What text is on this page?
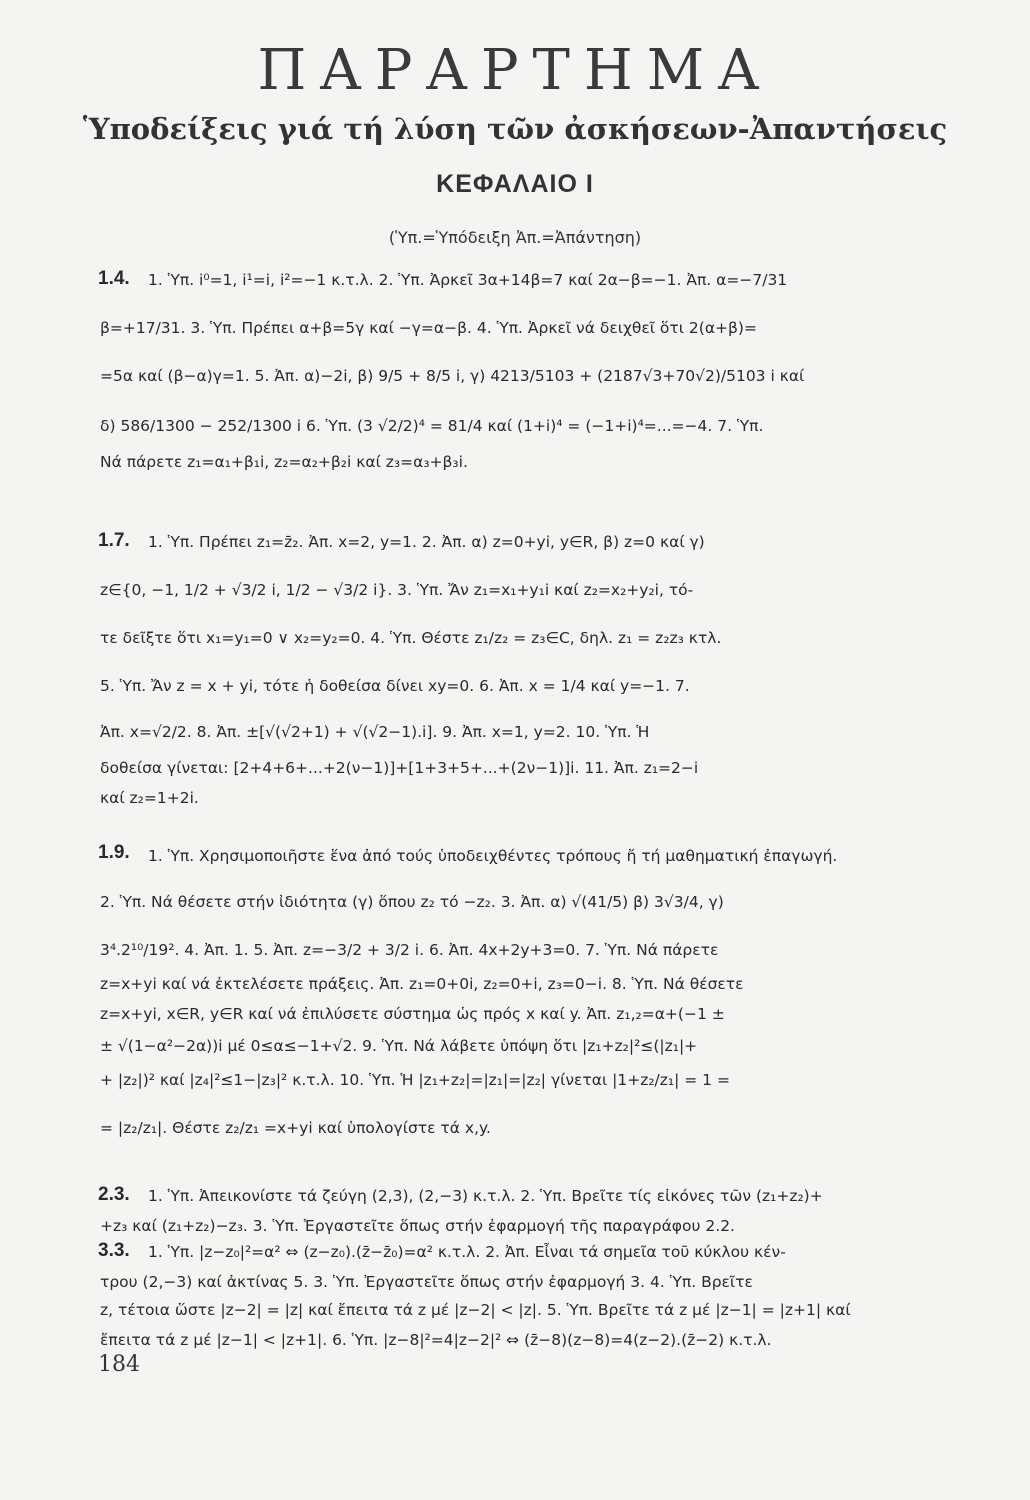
ΠΑΡΑΡΤΗΜΑ
Ὑποδείξεις γιά τή λύση τῶν ἀσκήσεων-Ἀπαντήσεις
ΚΕΦΑΛΑΙΟ Ι
(Ὑπ.=Ὑπόδειξη Ἀπ.=Ἀπάντηση)
1.4. 1. Ὑπ. i⁰=1, i¹=i, i²=−1 κ.τ.λ. 2. Ὑπ. Ἀρκεῖ 3α+14β=7 καί 2α−β=−1. Ἀπ. α=−7/31
β=+17/31. 3. Ὑπ. Πρέπει α+β=5γ καί −γ=α−β. 4. Ὑπ. Ἀρκεῖ νά δειχθεῖ ὅτι 2(α+β)=
=5α καί (β−α)γ=1. 5. Ἀπ. α)−2i, β) 9/5 + 8/5 i, γ) 4213/5103 + (2187√3+70√2)/5103 i καί
δ) 586/1300 − 252/1300 i 6. Ὑπ. (3 √2/2)⁴ = 81/4 καί (1+i)⁴ = (−1+i)⁴=...=−4. 7. Ὑπ.
Νά πάρετε z₁=α₁+β₁i, z₂=α₂+β₂i καί z₃=α₃+β₃i.
1.7. 1. Ὑπ. Πρέπει z₁=z̄₂. Ἀπ. x=2, y=1. 2. Ἀπ. α) z=0+yi, y∈R, β) z=0 καί γ)
z∈{0, −1, 1/2 + √3/2 i, 1/2 − √3/2 i}. 3. Ὑπ. Ἄν z₁=x₁+y₁i καί z₂=x₂+y₂i, τό-
τε δεῖξτε ὅτι x₁=y₁=0 ∨ x₂=y₂=0. 4. Ὑπ. Θέστε z₁/z₂ = z₃∈C, δηλ. z₁ = z₂z₃ κτλ.
5. Ὑπ. Ἄν z = x + yi, τότε ἡ δοθείσα δίνει xy=0. 6. Ἀπ. x = 1/4 καί y=−1. 7.
Ἀπ. x=√2/2. 8. Ἀπ. ±[√(√2+1) + √(√2−1).i]. 9. Ἀπ. x=1, y=2. 10. Ὑπ. Ἡ
δοθείσα γίνεται: [2+4+6+...+2(ν−1)]+[1+3+5+...+(2ν−1)]i. 11. Ἀπ. z₁=2−i
καί z₂=1+2i.
1.9. 1. Ὑπ. Χρησιμοποιῆστε ἕνα ἀπό τούς ὑποδειχθέντες τρόπους ἤ τή μαθηματική ἐπαγωγή.
2. Ὑπ. Νά θέσετε στήν ἰδιότητα (γ) ὅπου z₂ τό −z₂. 3. Ἀπ. α) √(41/5) β) 3√3/4, γ)
3⁴.2¹⁰/19². 4. Ἀπ. 1. 5. Ἀπ. z=−3/2 + 3/2 i. 6. Ἀπ. 4x+2y+3=0. 7. Ὑπ. Νά πάρετε
z=x+yi καί νά ἐκτελέσετε πράξεις. Ἀπ. z₁=0+0i, z₂=0+i, z₃=0−i. 8. Ὑπ. Νά θέσετε
z=x+yi, x∈R, y∈R καί νά ἐπιλύσετε σύστημα ὡς πρός x καί y. Ἀπ. z₁,₂=α+(−1 ±
± √(1−α²−2α))i μέ 0≤α≤−1+√2. 9. Ὑπ. Νά λάβετε ὑπόψη ὅτι |z₁+z₂|²≤(|z₁|+
+ |z₂|)² καί |z₄|²≤1−|z₃|² κ.τ.λ. 10. Ὑπ. Ἡ |z₁+z₂|=|z₁|=|z₂| γίνεται |1+z₂/z₁| = 1 =
= |z₂/z₁|. Θέστε z₂/z₁ =x+yi καί ὑπολογίστε τά x,y.
2.3. 1. Ὑπ. Ἀπεικονίστε τά ζεύγη (2,3), (2,−3) κ.τ.λ. 2. Ὑπ. Βρεῖτε τίς εἰκόνες τῶν (z₁+z₂)+
+z₃ καί (z₁+z₂)−z₃. 3. Ὑπ. Ἐργαστεῖτε ὅπως στήν ἐφαρμογή τῆς παραγράφου 2.2.
3.3. 1. Ὑπ. |z−z₀|²=α² ⇔ (z−z₀).(z̄−z̄₀)=α² κ.τ.λ. 2. Ἀπ. Εἶναι τά σημεῖα τοῦ κύκλου κέν-
τρου (2,−3) καί ἀκτίνας 5. 3. Ὑπ. Ἐργαστεῖτε ὅπως στήν ἐφαρμογή 3. 4. Ὑπ. Βρεῖτε
z, τέτοια ὥστε |z−2| = |z| καί ἔπειτα τά z μέ |z−2| < |z|. 5. Ὑπ. Βρεῖτε τά z μέ |z−1| = |z+1| καί
ἔπειτα τά z μέ |z−1| < |z+1|. 6. Ὑπ. |z−8|²=4|z−2|² ⇔ (z̄−8)(z−8)=4(z−2).(z̄−2) κ.τ.λ.
184
